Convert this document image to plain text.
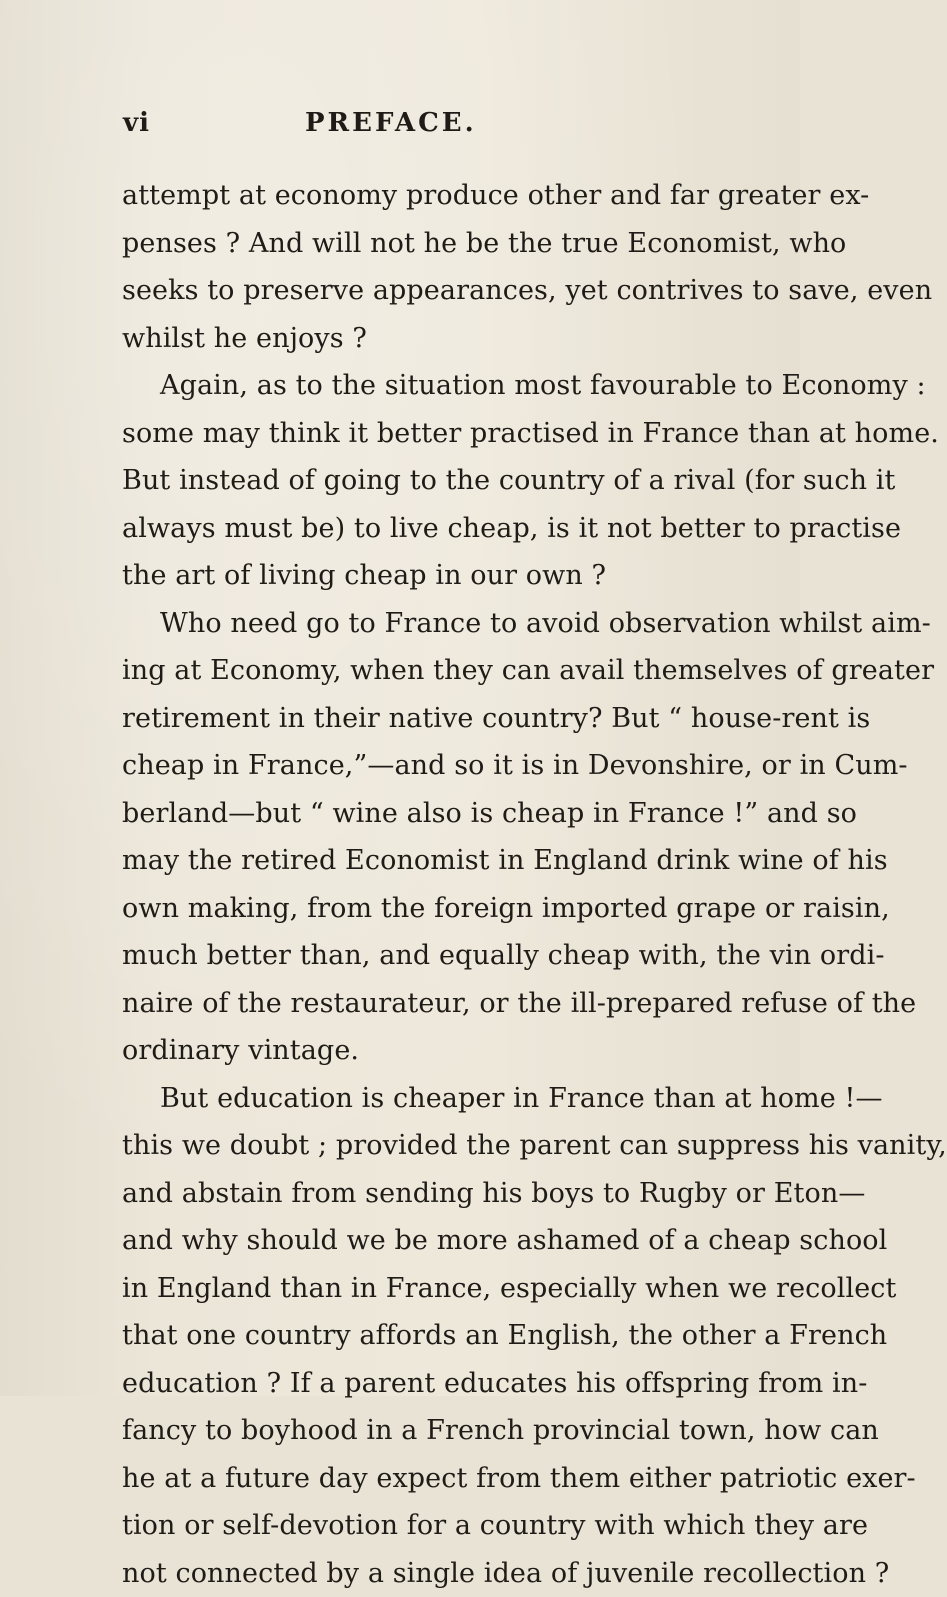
vi	PREFACE.
attempt at economy produce other and far greater ex-
penses ? And will not he be the true Economist, who
seeks to preserve appearances, yet contrives to save, even
whilst he enjoys ?
Again, as to the situation most favourable to Economy :
some may think it better practised in France than at home.
But instead of going to the country of a rival (for such it
always must be) to live cheap, is it not better to practise
the art of living cheap in our own ?
Who need go to France to avoid observation whilst aim-
ing at Economy, when they can avail themselves of greater
retirement in their native country? But “ house-rent is
cheap in France,”—and so it is in Devonshire, or in Cum-
berland—but “ wine also is cheap in France !” and so
may the retired Economist in England drink wine of his
own making, from the foreign imported grape or raisin,
much better than, and equally cheap with, the vin ordi-
naire of the restaurateur, or the ill-prepared refuse of the
ordinary vintage.
But education is cheaper in France than at home !—
this we doubt ; provided the parent can suppress his vanity,
and abstain from sending his boys to Rugby or Eton—
and why should we be more ashamed of a cheap school
in England than in France, especially when we recollect
that one country affords an English, the other a French
education ? If a parent educates his offspring from in-
fancy to boyhood in a French provincial town, how can
he at a future day expect from them either patriotic exer-
tion or self-devotion for a country with which they are
not connected by a single idea of juvenile recollection ?
